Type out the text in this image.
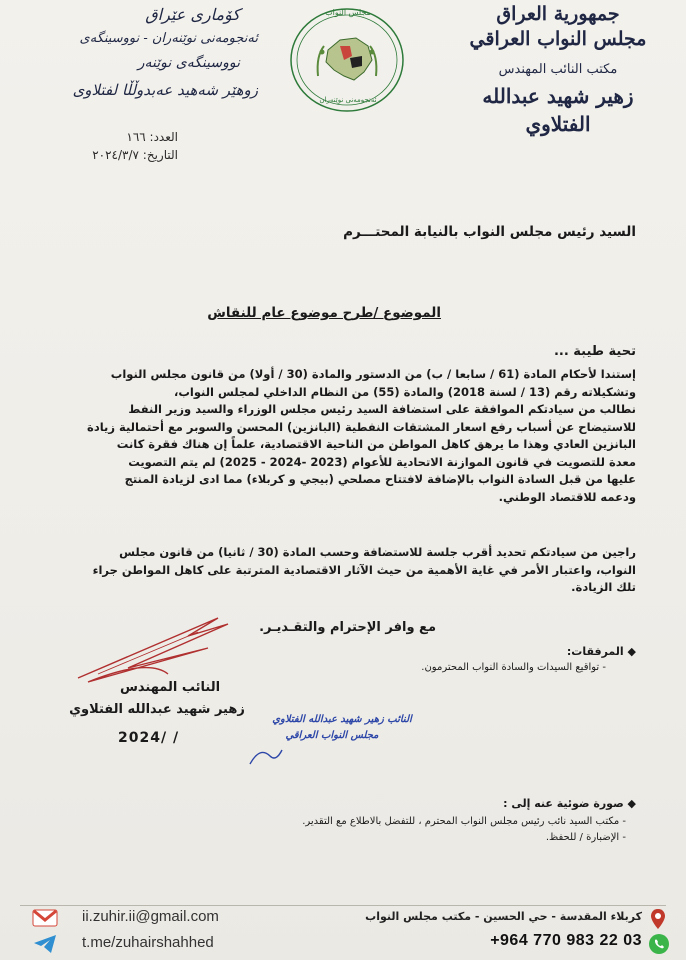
جمهورية العراق
مجلس النواب العراقي
مكتب النائب المهندس
زهير شهيد عبدالله الفتلاوي
مجلس النواب
ئەنجومەنی نوێنەران
کۆماری عێراق
ئەنجومەنی نوێنەران - نووسینگەی
نووسینگەی نوێنەر
زوهێر شەهید عەبدوڵڵا لفتلاوی
العدد: ١٦٦
التاريخ: ٢٠٢٤/٣/٧
السيد رئيس مجلس النواب بالنيابة المحتـــرم
الموضوع /طرح موضوع عام للنقاش
تحية طيبة ...
إستندا لأحكام المادة (61 / سابعا / ب) من الدستور والمادة (30 / أولا) من قانون مجلس النواب
وتشكيلاته رقم (13 / لسنة 2018) والمادة (55) من النظام الداخلي لمجلس النواب،
نطالب من سيادتكم الموافقة على استضافة السيد رئيس مجلس الوزراء والسيد وزير النفط
للاستيضاح عن أسباب رفع اسعار المشتقات النفطية (البانزين) المحسن والسوبر مع أحتمالية زيادة
البانزين العادي وهذا ما يرهق كاهل المواطن من الناحية الاقتصادية، علماً إن هناك فقرة كانت
معدة للتصويت في قانون الموازنة الاتحادية للأعوام (2023 -2024 - 2025) لم يتم التصويت
عليها من قبل السادة النواب بالإضافة لافتتاح مصلحي (بيجي و كربلاء) مما ادى لزيادة المنتج
ودعمه للاقتصاد الوطني.
راجين من سيادتكم تحديد أقرب جلسة للاستضافة وحسب المادة (30 / ثانيا) من قانون مجلس
النواب، واعتبار الأمر في غاية الأهمية من حيث الآثار الاقتصادية المترتبة على كاهل المواطن جراء
تلك الزيادة.
مع وافر الإحترام والتقـديـر.
◆ المرفقات:
- تواقيع السيدات والسادة النواب المحترمون.
النائب المهندس
زهير شهيد عبدالله الفتلاوي
2024/ /
النائب زهير شهيد عبدالله الفتلاوي
مجلس النواب العراقي
◆ صورة ضوئية عنه إلى :
- مكتب السيد نائب رئيس مجلس النواب المحترم ، للتفضل بالاطلاع مع التقدير.
- الإضبارة / للحفظ.
ii.zuhir.ii@gmail.com
t.me/zuhairshahhed
كربلاء المقدسة - حي الحسين - مكتب مجلس النواب
+964 770 983 22 03
